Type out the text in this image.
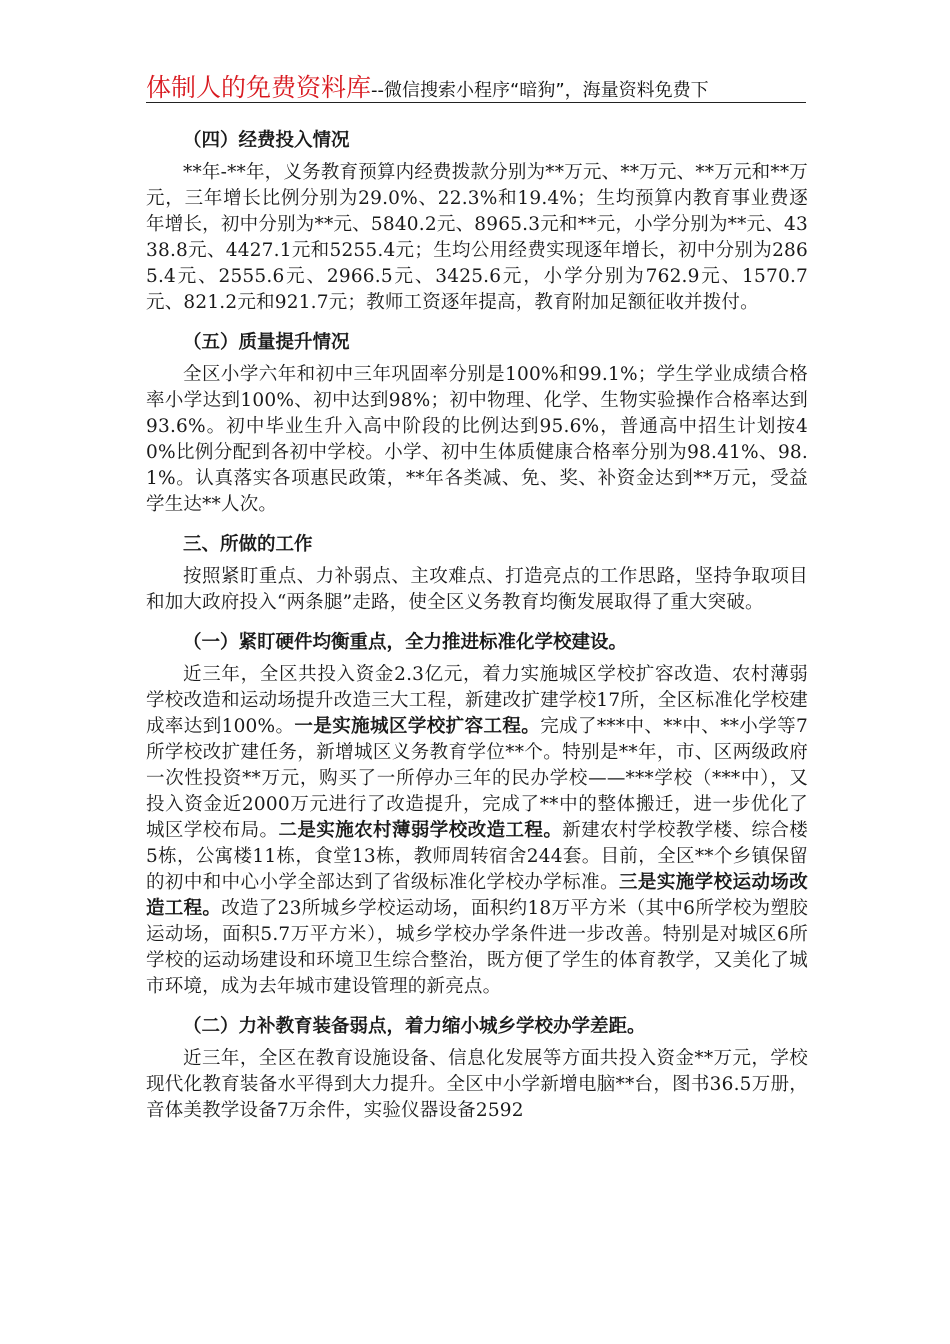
体制人的免费资料库--微信搜索小程序“暗狗”，海量资料免费下

（四）经费投入情况

**年-**年，义务教育预算内经费拨款分别为**万元、**万元、**万元和**万元，三年增长比例分别为29.0%、22.3%和19.4%；生均预算内教育事业费逐年增长，初中分别为**元、5840.2元、8965.3元和**元，小学分别为**元、4338.8元、4427.1元和5255.4元；生均公用经费实现逐年增长，初中分别为2865.4元、2555.6元、2966.5元、3425.6元，小学分别为762.9元、1570.7元、821.2元和921.7元；教师工资逐年提高，教育附加足额征收并拨付。

（五）质量提升情况

全区小学六年和初中三年巩固率分别是100%和99.1%；学生学业成绩合格率小学达到100%、初中达到98%；初中物理、化学、生物实验操作合格率达到93.6%。初中毕业生升入高中阶段的比例达到95.6%，普通高中招生计划按40%比例分配到各初中学校。小学、初中生体质健康合格率分别为98.41%、98.1%。认真落实各项惠民政策，**年各类减、免、奖、补资金达到**万元，受益学生达**人次。

三、所做的工作

按照紧盯重点、力补弱点、主攻难点、打造亮点的工作思路，坚持争取项目和加大政府投入“两条腿”走路，使全区义务教育均衡发展取得了重大突破。

（一）紧盯硬件均衡重点，全力推进标准化学校建设。

近三年，全区共投入资金2.3亿元，着力实施城区学校扩容改造、农村薄弱学校改造和运动场提升改造三大工程，新建改扩建学校17所，全区标准化学校建成率达到100%。一是实施城区学校扩容工程。完成了***中、**中、**小学等7所学校改扩建任务，新增城区义务教育学位**个。特别是**年，市、区两级政府一次性投资**万元，购买了一所停办三年的民办学校——***学校（***中），又投入资金近2000万元进行了改造提升，完成了**中的整体搬迁，进一步优化了城区学校布局。二是实施农村薄弱学校改造工程。新建农村学校教学楼、综合楼5栋，公寓楼11栋，食堂13栋，教师周转宿舍244套。目前，全区**个乡镇保留的初中和中心小学全部达到了省级标准化学校办学标准。三是实施学校运动场改造工程。改造了23所城乡学校运动场，面积约18万平方米（其中6所学校为塑胶运动场，面积5.7万平方米），城乡学校办学条件进一步改善。特别是对城区6所学校的运动场建设和环境卫生综合整治，既方便了学生的体育教学，又美化了城市环境，成为去年城市建设管理的新亮点。

（二）力补教育装备弱点，着力缩小城乡学校办学差距。

近三年，全区在教育设施设备、信息化发展等方面共投入资金**万元，学校现代化教育装备水平得到大力提升。全区中小学新增电脑**台，图书36.5万册，音体美教学设备7万余件，实验仪器设备2592
